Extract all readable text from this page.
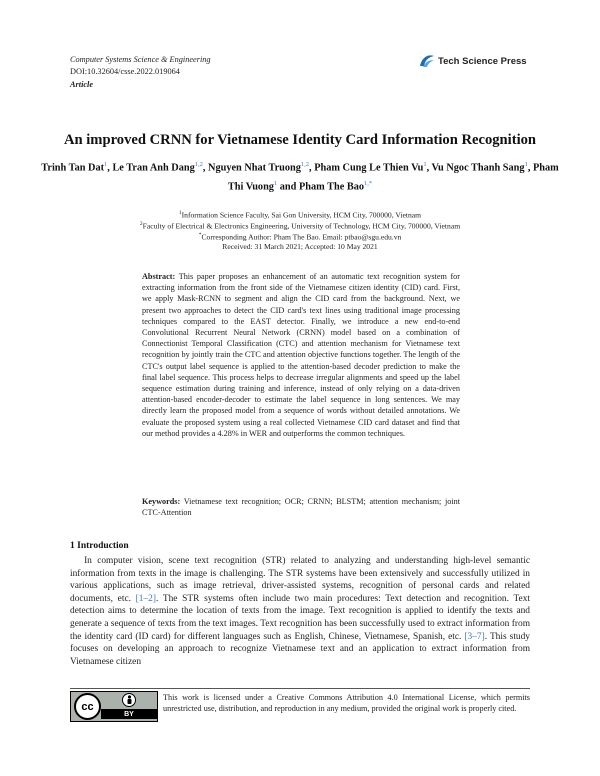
Computer Systems Science & Engineering
DOI:10.32604/csse.2022.019064
Article
Tech Science Press
An improved CRNN for Vietnamese Identity Card Information Recognition
Trinh Tan Dat$^1$, Le Tran Anh Dang$^{1,2}$, Nguyen Nhat Truong$^{1,2}$, Pham Cung Le Thien Vu$^1$, Vu Ngoc Thanh Sang$^1$, Pham Thi Vuong$^1$ and Pham The Bao$^{1,*}$
$^1$Information Science Faculty, Sai Gon University, HCM City, 700000, Vietnam
$^2$Faculty of Electrical & Electronics Engineering, University of Technology, HCM City, 700000, Vietnam
*Corresponding Author: Pham The Bao. Email: ptbao@sgu.edu.vn
Received: 31 March 2021; Accepted: 10 May 2021
Abstract: This paper proposes an enhancement of an automatic text recognition system for extracting information from the front side of the Vietnamese citizen identity (CID) card. First, we apply Mask-RCNN to segment and align the CID card from the background. Next, we present two approaches to detect the CID card's text lines using traditional image processing techniques compared to the EAST detector. Finally, we introduce a new end-to-end Convolutional Recurrent Neural Network (CRNN) model based on a combination of Connectionist Temporal Classification (CTC) and attention mechanism for Vietnamese text recognition by jointly train the CTC and attention objective functions together. The length of the CTC's output label sequence is applied to the attention-based decoder prediction to make the final label sequence. This process helps to decrease irregular alignments and speed up the label sequence estimation during training and inference, instead of only relying on a data-driven attention-based encoder-decoder to estimate the label sequence in long sentences. We may directly learn the proposed model from a sequence of words without detailed annotations. We evaluate the proposed system using a real collected Vietnamese CID card dataset and find that our method provides a 4.28% in WER and outperforms the common techniques.
Keywords: Vietnamese text recognition; OCR; CRNN; BLSTM; attention mechanism; joint CTC-Attention
1 Introduction
  In computer vision, scene text recognition (STR) related to analyzing and understanding high-level semantic information from texts in the image is challenging. The STR systems have been extensively and successfully utilized in various applications, such as image retrieval, driver-assisted systems, recognition of personal cards and related documents, etc. [1–2]. The STR systems often include two main procedures: Text detection and recognition. Text detection aims to determine the location of texts from the image. Text recognition is applied to identify the texts and generate a sequence of texts from the text images. Text recognition has been successfully used to extract information from the identity card (ID card) for different languages such as English, Chinese, Vietnamese, Spanish, etc. [3–7]. This study focuses on developing an approach to recognize Vietnamese text and an application to extract information from Vietnamese citizen
cc
BY
This work is licensed under a Creative Commons Attribution 4.0 International License, which permits unrestricted use, distribution, and reproduction in any medium, provided the original work is properly cited.
